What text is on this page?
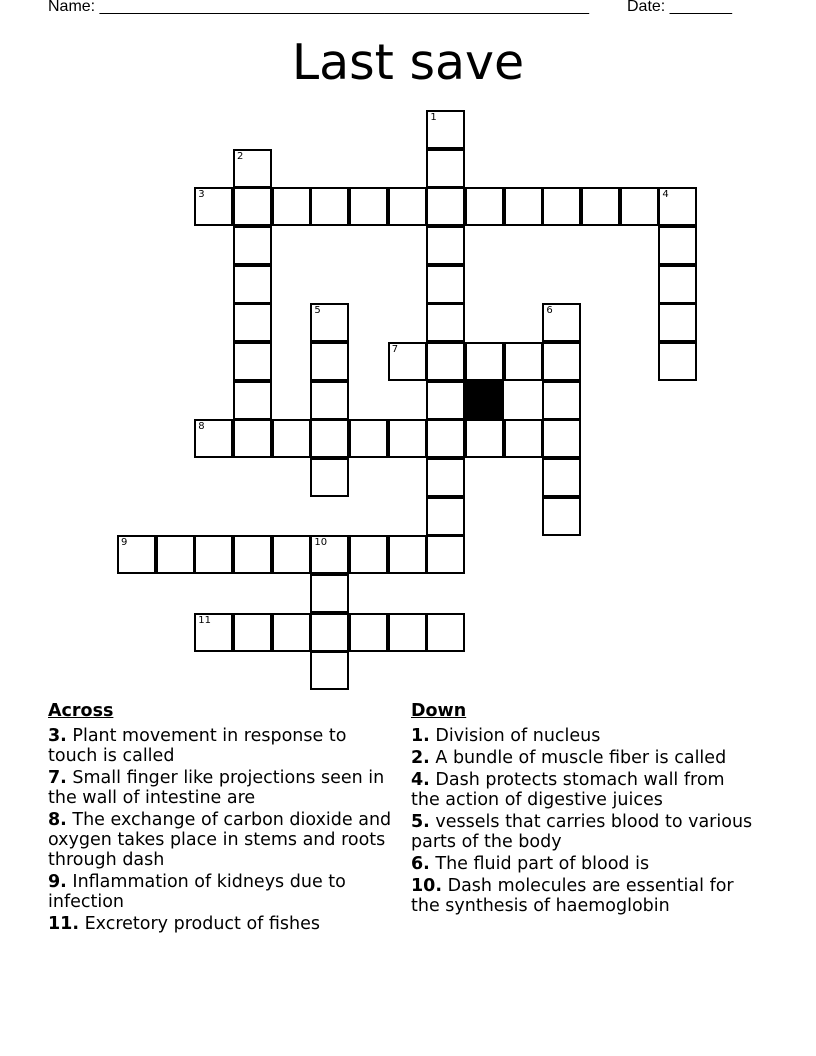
Name: _______________________________________________________ Date: _______
Last save
3	4
7
8
9	10
11
1
2
5	6
Across
3. Plant movement in response to touch is called
7. Small finger like projections seen in the wall of intestine are
8. The exchange of carbon dioxide and oxygen takes place in stems and roots through dash
9. Inflammation of kidneys due to infection
11. Excretory product of fishes
Down
1. Division of nucleus
2. A bundle of muscle fiber is called
4. Dash protects stomach wall from the action of digestive juices
5. vessels that carries blood to various parts of the body
6. The fluid part of blood is
10. Dash molecules are essential for the synthesis of haemoglobin
